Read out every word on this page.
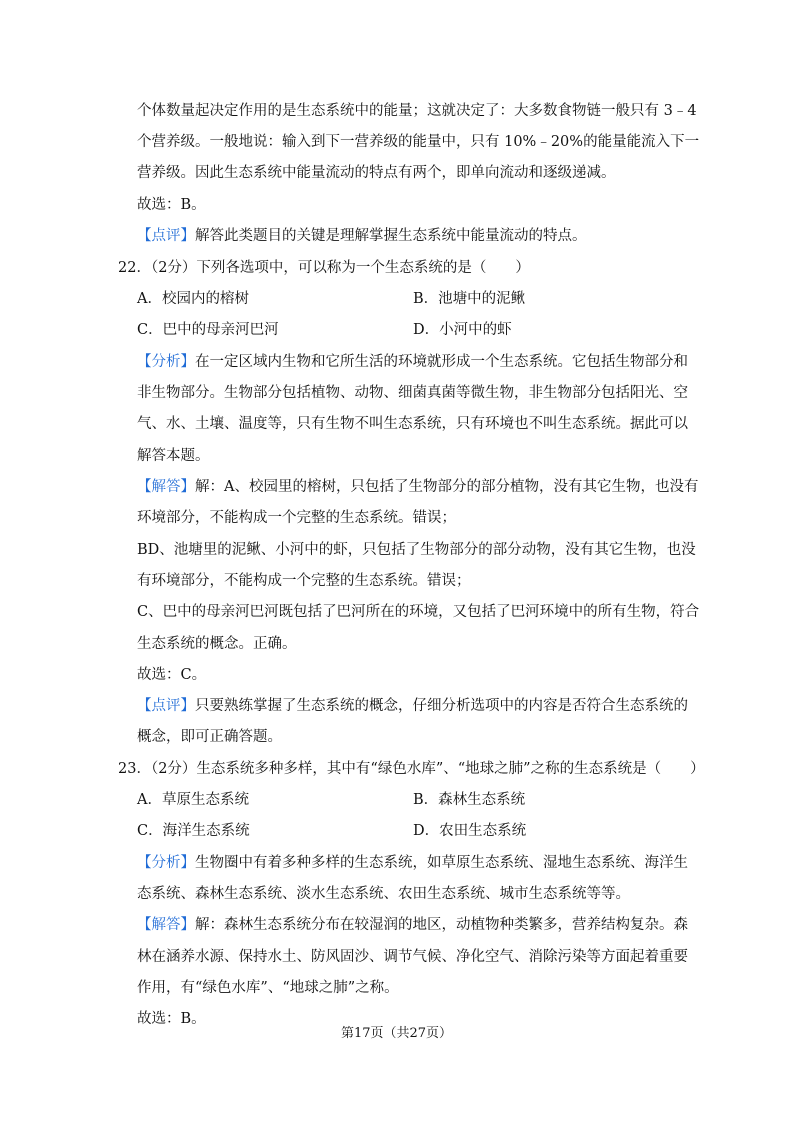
个体数量起决定作用的是生态系统中的能量；这就决定了：大多数食物链一般只有 3﹣4
个营养级。一般地说：输入到下一营养级的能量中，只有 10%﹣20%的能量能流入下一
营养级。因此生态系统中能量流动的特点有两个，即单向流动和逐级递减。
故选：B。
【点评】解答此类题目的关键是理解掌握生态系统中能量流动的特点。
22．（2分）下列各选项中，可以称为一个生态系统的是（　　）
A．校园内的榕树	B．池塘中的泥鳅
C．巴中的母亲河巴河	D．小河中的虾
【分析】在一定区域内生物和它所生活的环境就形成一个生态系统。它包括生物部分和
非生物部分。生物部分包括植物、动物、细菌真菌等微生物，非生物部分包括阳光、空
气、水、土壤、温度等，只有生物不叫生态系统，只有环境也不叫生态系统。据此可以
解答本题。
【解答】解：A、校园里的榕树，只包括了生物部分的部分植物，没有其它生物，也没有
环境部分，不能构成一个完整的生态系统。错误；
BD、池塘里的泥鳅、小河中的虾，只包括了生物部分的部分动物，没有其它生物，也没
有环境部分，不能构成一个完整的生态系统。错误；
C、巴中的母亲河巴河既包括了巴河所在的环境，又包括了巴河环境中的所有生物，符合
生态系统的概念。正确。
故选：C。
【点评】只要熟练掌握了生态系统的概念，仔细分析选项中的内容是否符合生态系统的
概念，即可正确答题。
23．（2分）生态系统多种多样，其中有“绿色水库”、“地球之肺”之称的生态系统是（　　）
A．草原生态系统	B．森林生态系统
C．海洋生态系统	D．农田生态系统
【分析】生物圈中有着多种多样的生态系统，如草原生态系统、湿地生态系统、海洋生
态系统、森林生态系统、淡水生态系统、农田生态系统、城市生态系统等等。
【解答】解：森林生态系统分布在较湿润的地区，动植物种类繁多，营养结构复杂。森
林在涵养水源、保持水土、防风固沙、调节气候、净化空气、消除污染等方面起着重要
作用，有“绿色水库”、“地球之肺”之称。
故选：B。
第17页（共27页）
